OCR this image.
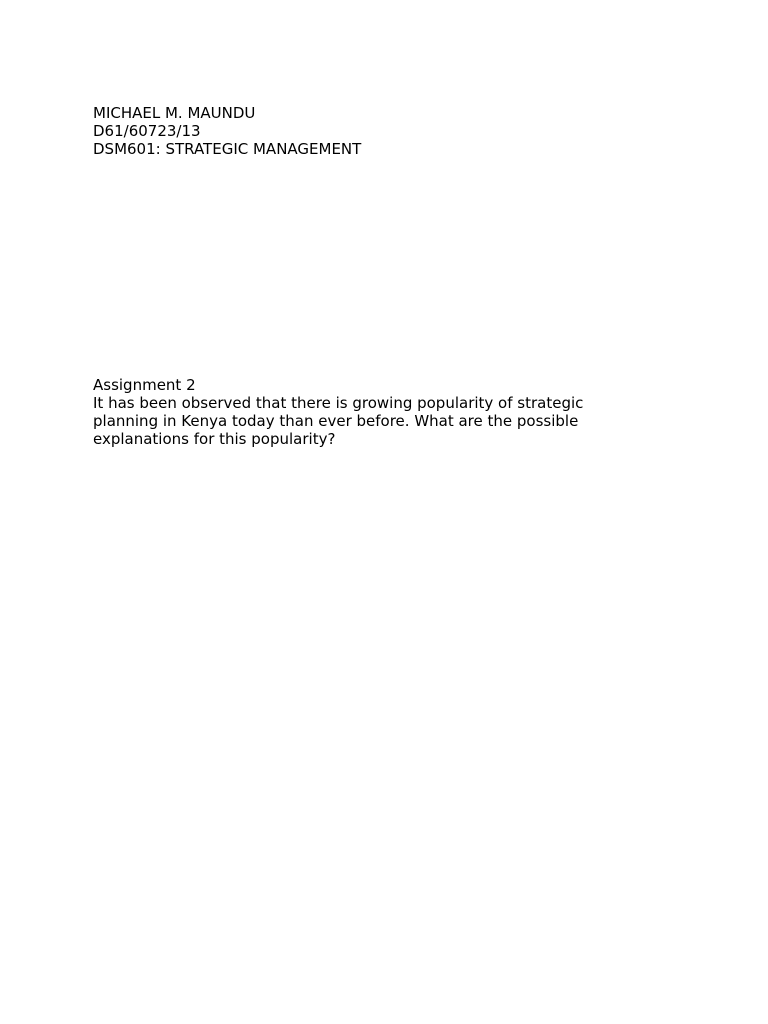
MICHAEL M. MAUNDU

D61/60723/13

DSM601: STRATEGIC MANAGEMENT

Assignment 2

It has been observed that there is growing popularity of strategic

planning in Kenya today than ever before. What are the possible

explanations for this popularity?
